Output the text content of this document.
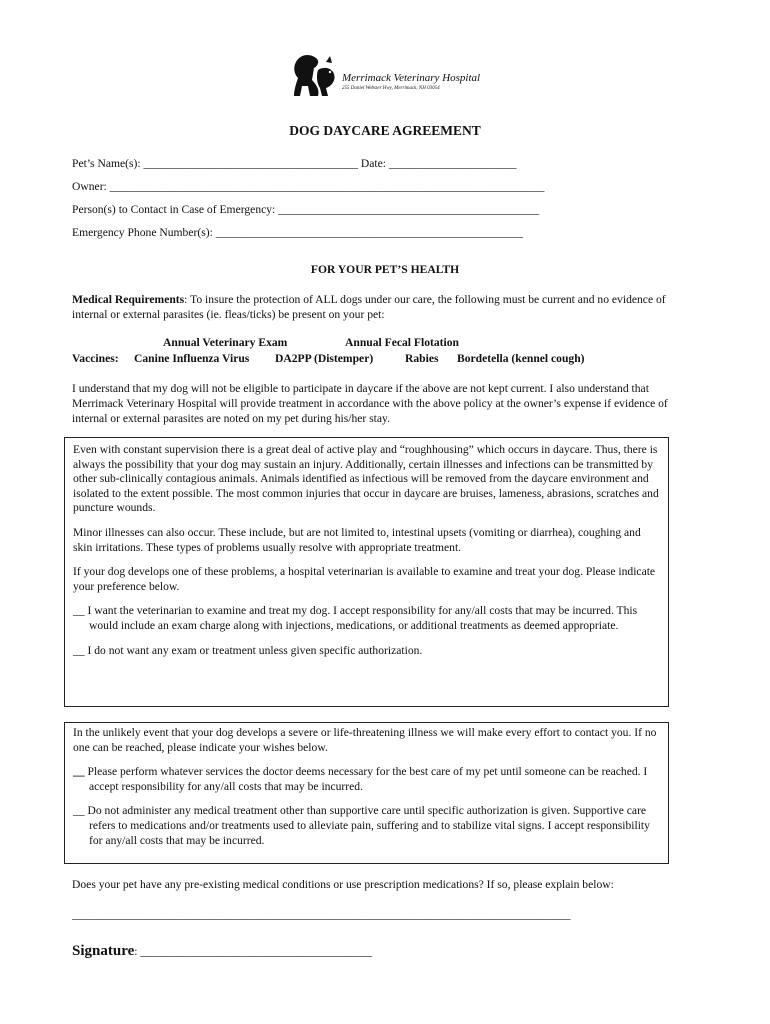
Merrimack Veterinary Hospital
255 Daniel Webster Hwy, Merrimack, NH 03054
DOG DAYCARE AGREEMENT
Pet’s Name(s): _____________________________________ Date: ______________________
Owner: ___________________________________________________________________________
Person(s) to Contact in Case of Emergency: _____________________________________________
Emergency Phone Number(s): _____________________________________________________
FOR YOUR PET’S HEALTH
Medical Requirements: To insure the protection of ALL dogs under our care, the following must be current and no evidence of internal or external parasites (ie. fleas/ticks) be present on your pet:
Annual Veterinary Exam	Annual Fecal Flotation
Vaccines: Canine Influenza Virus DA2PP (Distemper)	Rabies Bordetella (kennel cough)
I understand that my dog will not be eligible to participate in daycare if the above are not kept current. I also understand that Merrimack Veterinary Hospital will provide treatment in accordance with the above policy at the owner’s expense if evidence of internal or external parasites are noted on my pet during his/her stay.

Even with constant supervision there is a great deal of active play and “roughhousing” which occurs in daycare. Thus, there is always the possibility that your dog may sustain an injury. Additionally, certain illnesses and infections can be transmitted by other sub-clinically contagious animals. Animals identified as infectious will be removed from the daycare environment and isolated to the extent possible. The most common injuries that occur in daycare are bruises, lameness, abrasions, scratches and puncture wounds.

Minor illnesses can also occur. These include, but are not limited to, intestinal upsets (vomiting or diarrhea), coughing and skin irritations. These types of problems usually resolve with appropriate treatment.

If your dog develops one of these problems, a hospital veterinarian is available to examine and treat your dog. Please indicate your preference below.

__ I want the veterinarian to examine and treat my dog. I accept responsibility for any/all costs that may be incurred. This would include an exam charge along with injections, medications, or additional treatments as deemed appropriate.

__ I do not want any exam or treatment unless given specific authorization.

In the unlikely event that your dog develops a severe or life-threatening illness we will make every effort to contact you. If no one can be reached, please indicate your wishes below.

__ Please perform whatever services the doctor deems necessary for the best care of my pet until someone can be reached. I accept responsibility for any/all costs that may be incurred.

__ Do not administer any medical treatment other than supportive care until specific authorization is given. Supportive care refers to medications and/or treatments used to alleviate pain, suffering and to stabilize vital signs. I accept responsibility for any/all costs that may be incurred.

Does your pet have any pre-existing medical conditions or use prescription medications? If so, please explain below:
______________________________________________________________________________________
Signature: ________________________________________
